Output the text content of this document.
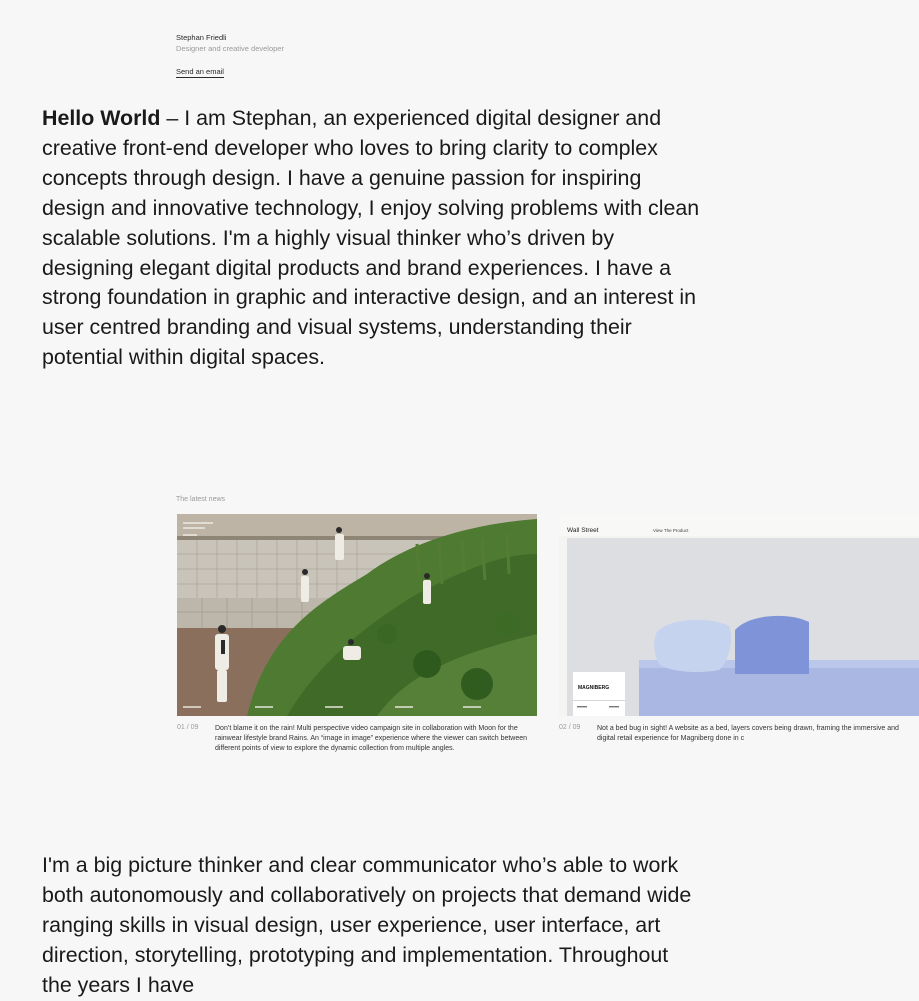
Stephan Friedli
Designer and creative developer
Send an email

Hello World – I am Stephan, an experienced digital designer and creative front-end developer who loves to bring clarity to complex concepts through design. I have a genuine passion for inspiring design and innovative technology, I enjoy solving problems with clean scalable solutions. I'm a highly visual thinker who’s driven by designing elegant digital products and brand experiences. I have a strong foundation in graphic and interactive design, and an interest in user centred branding and visual systems, understanding their potential within digital spaces.

The latest news
01 / 09 Don’t blame it on the rain! Multi perspective video campaign site in collaboration with Moon for the rainwear lifestyle brand Rains. An “image in image” experience where the viewer can switch between different points of view to explore the dynamic collection from multiple angles.

Wall Street	View The Product
MAGNIBERG
02 / 09 Not a bed bug in sight! A website as a bed, layers covers being drawn, framing the immersive and digital retail experience for Magniberg done in c

I'm a big picture thinker and clear communicator who’s able to work both autonomously and collaboratively on projects that demand wide ranging skills in visual design, user experience, user interface, art direction, storytelling, prototyping and implementation. Throughout the years I have
